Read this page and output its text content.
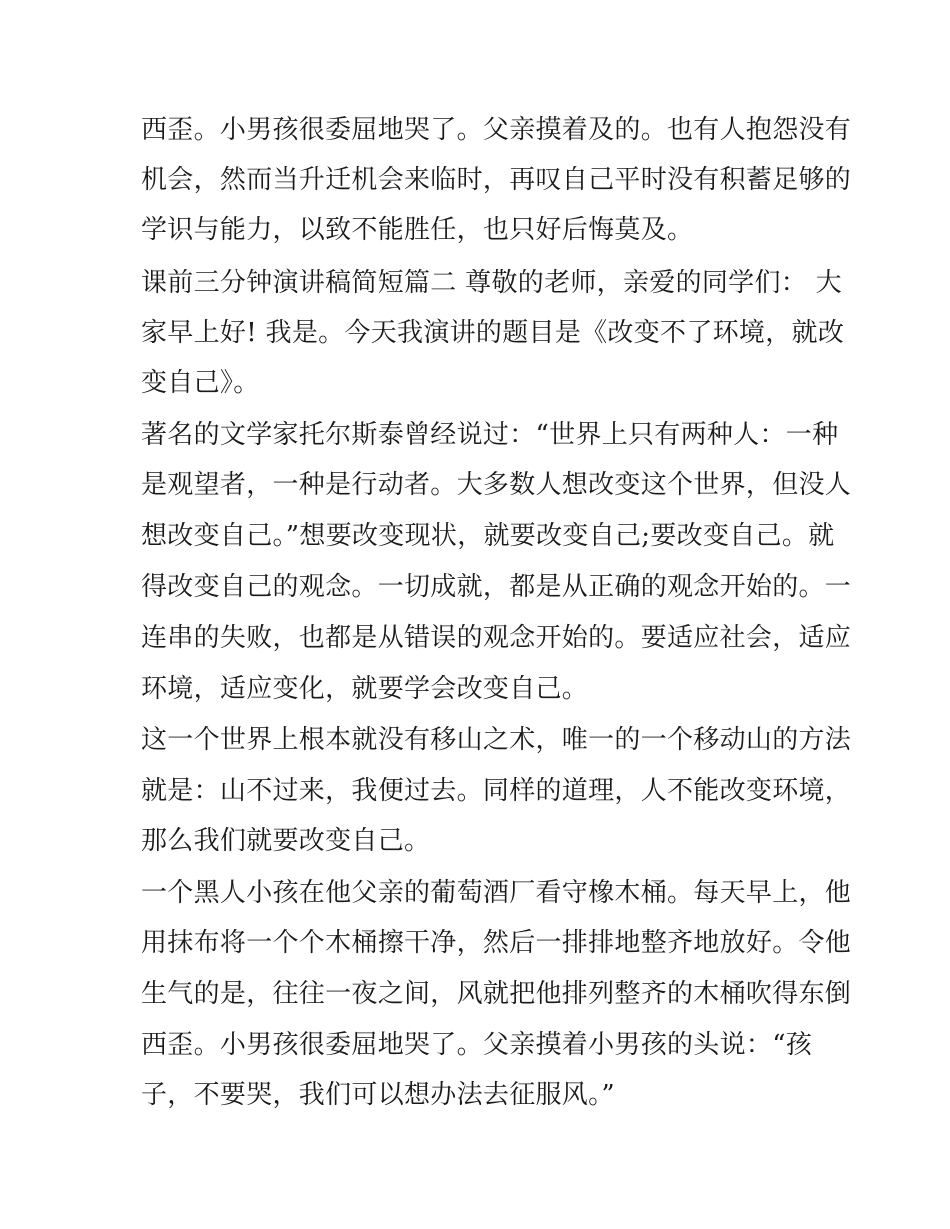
西歪。小男孩很委屈地哭了。父亲摸着及的。也有人抱怨没有
机会，然而当升迁机会来临时，再叹自己平时没有积蓄足够的
学识与能力，以致不能胜任，也只好后悔莫及。
课前三分钟演讲稿简短篇二 尊敬的老师，亲爱的同学们： 大
家早上好! 我是。今天我演讲的题目是《改变不了环境，就改
变自己》。
著名的文学家托尔斯泰曾经说过：“世界上只有两种人：一种
是观望者，一种是行动者。大多数人想改变这个世界，但没人
想改变自己。”想要改变现状，就要改变自己;要改变自己。就
得改变自己的观念。一切成就，都是从正确的观念开始的。一
连串的失败，也都是从错误的观念开始的。要适应社会，适应
环境，适应变化，就要学会改变自己。
这一个世界上根本就没有移山之术，唯一的一个移动山的方法
就是：山不过来，我便过去。同样的道理，人不能改变环境，
那么我们就要改变自己。
一个黑人小孩在他父亲的葡萄酒厂看守橡木桶。每天早上，他
用抹布将一个个木桶擦干净，然后一排排地整齐地放好。令他
生气的是，往往一夜之间，风就把他排列整齐的木桶吹得东倒
西歪。小男孩很委屈地哭了。父亲摸着小男孩的头说：“孩
子，不要哭，我们可以想办法去征服风。”
